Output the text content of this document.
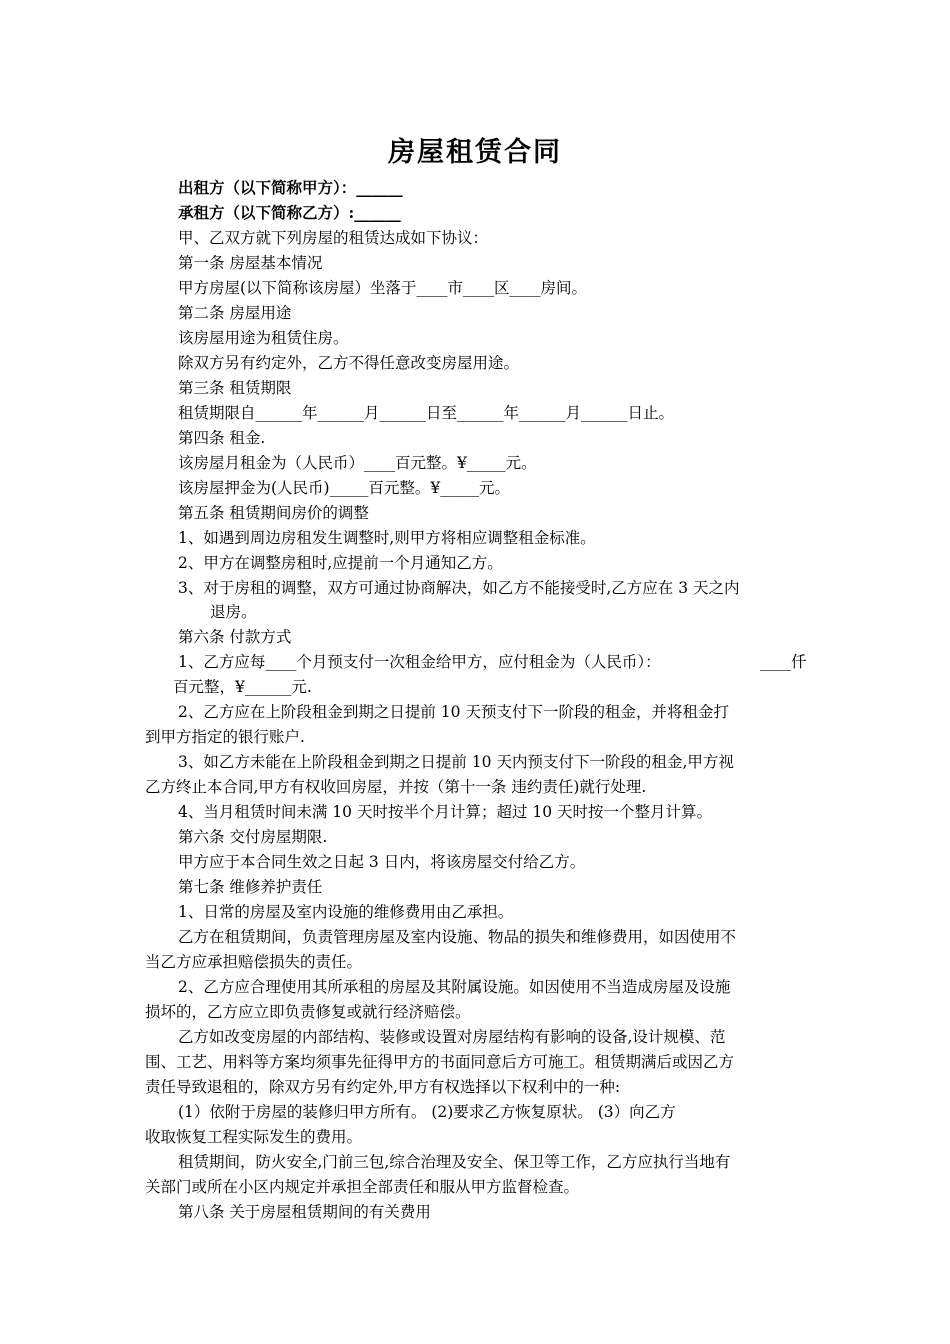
房屋租赁合同
出租方（以下简称甲方）：______
承租方（以下简称乙方）:______
甲、乙双方就下列房屋的租赁达成如下协议：
第一条 房屋基本情况
甲方房屋(以下简称该房屋）坐落于____市____区____房间。
第二条 房屋用途
该房屋用途为租赁住房。
除双方另有约定外，乙方不得任意改变房屋用途。
第三条 租赁期限
租赁期限自______年______月______日至______年______月______日止。
第四条 租金.
该房屋月租金为（人民币）____百元整。¥_____元。
该房屋押金为(人民币)_____百元整。¥_____元。
第五条 租赁期间房价的调整
1、如遇到周边房租发生调整时,则甲方将相应调整租金标准。
2、甲方在调整房租时,应提前一个月通知乙方。
3、对于房租的调整，双方可通过协商解决，如乙方不能接受时,乙方应在 3 天之内
退房。
第六条 付款方式
1、乙方应每____个月预支付一次租金给甲方，应付租金为（人民币）：	____仟
百元整，¥______元.
2、乙方应在上阶段租金到期之日提前 10 天预支付下一阶段的租金，并将租金打
到甲方指定的银行账户.
3、如乙方未能在上阶段租金到期之日提前 10 天内预支付下一阶段的租金,甲方视
乙方终止本合同,甲方有权收回房屋，并按（第十一条 违约责任)就行处理.
4、当月租赁时间未满 10 天时按半个月计算；超过 10 天时按一个整月计算。
第六条 交付房屋期限.
甲方应于本合同生效之日起 3 日内，将该房屋交付给乙方。
第七条 维修养护责任
1、日常的房屋及室内设施的维修费用由乙承担。
乙方在租赁期间，负责管理房屋及室内设施、物品的损失和维修费用，如因使用不
当乙方应承担赔偿损失的责任。
2、乙方应合理使用其所承租的房屋及其附属设施。如因使用不当造成房屋及设施
损坏的，乙方应立即负责修复或就行经济赔偿。
乙方如改变房屋的内部结构、装修或设置对房屋结构有影响的设备,设计规模、范
围、工艺、用料等方案均须事先征得甲方的书面同意后方可施工。租赁期满后或因乙方
责任导致退租的，除双方另有约定外,甲方有权选择以下权利中的一种:
(1）依附于房屋的装修归甲方所有。 (2)要求乙方恢复原状。 (3）向乙方
收取恢复工程实际发生的费用。
租赁期间，防火安全,门前三包,综合治理及安全、保卫等工作，乙方应执行当地有
关部门或所在小区内规定并承担全部责任和服从甲方监督检查。
第八条 关于房屋租赁期间的有关费用
